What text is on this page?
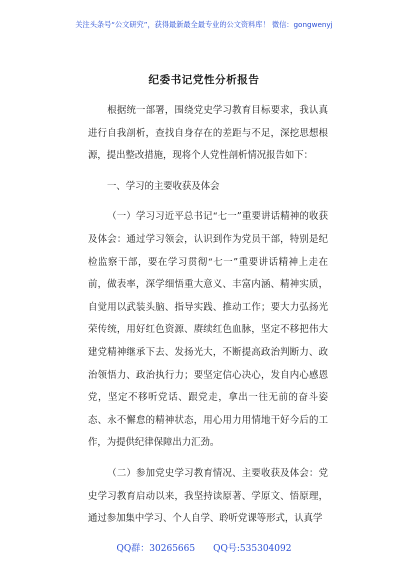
关注头条号“公文研究”，获得最新最全最专业的公文资料库！ 微信：gongwenyj
纪委书记党性分析报告

根据统一部署，围绕党史学习教育目标要求，我认真进行自我剖析，查找自身存在的差距与不足，深挖思想根源，提出整改措施，现将个人党性剖析情况报告如下：

一、学习的主要收获及体会

（一）学习习近平总书记“七一”重要讲话精神的收获及体会：通过学习领会，认识到作为党员干部，特别是纪检监察干部，要在学习贯彻“七一”重要讲话精神上走在前，做表率，深学细悟重大意义、丰富内涵、精神实质，自觉用以武装头脑、指导实践、推动工作；要大力弘扬光荣传统，用好红色资源、赓续红色血脉，坚定不移把伟大建党精神继承下去、发扬光大，不断提高政治判断力、政治领悟力、政治执行力；要坚定信心决心，发自内心感恩党，坚定不移听党话、跟党走，拿出一往无前的奋斗姿态、永不懈怠的精神状态，用心用力用情地干好今后的工作，为提供纪律保障出力汇劲。

（二）参加党史学习教育情况、主要收获及体会：党史学习教育启动以来，我坚持读原著、学原文、悟原理，通过参加集中学习、个人自学、聆听党课等形式，认真学

QQ群：30265665 QQ号:535304092
